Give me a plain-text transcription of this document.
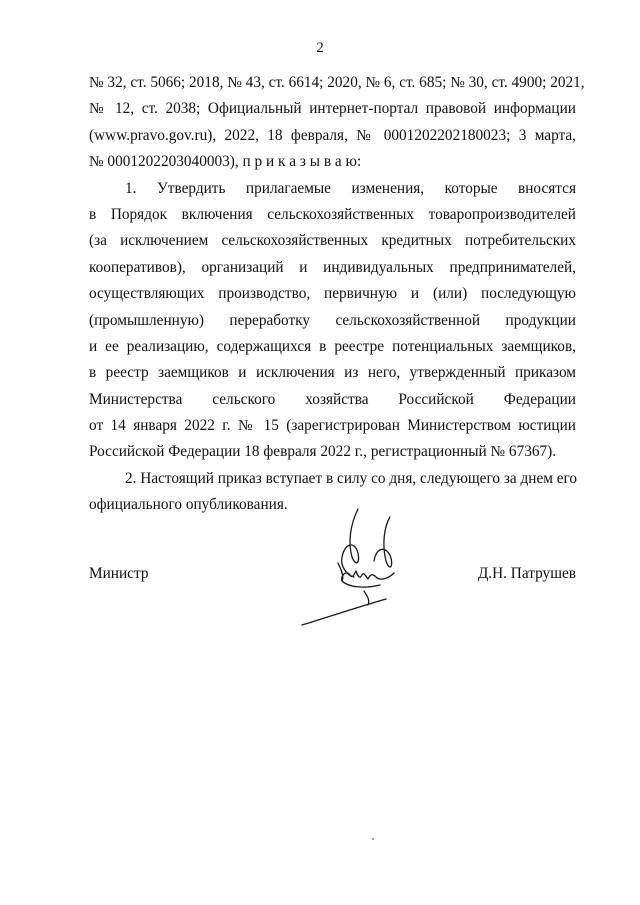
2
№ 32, ст. 5066; 2018, № 43, ст. 6614; 2020, № 6, ст. 685; № 30, ст. 4900; 2021,
№ 12, ст. 2038; Официальный интернет-портал правовой информации
(www.pravo.gov.ru), 2022, 18 февраля, № 0001202202180023; 3 марта,
№ 0001202203040003), п р и к а з ы в а ю:
1. Утвердить прилагаемые изменения, которые вносятся
в Порядок включения сельскохозяйственных товаропроизводителей
(за исключением сельскохозяйственных кредитных потребительских
кооперативов), организаций и индивидуальных предпринимателей,
осуществляющих производство, первичную и (или) последующую
(промышленную) переработку сельскохозяйственной продукции
и ее реализацию, содержащихся в реестре потенциальных заемщиков,
в реестр заемщиков и исключения из него, утвержденный приказом
Министерства сельского хозяйства Российской Федерации
от 14 января 2022 г. № 15 (зарегистрирован Министерством юстиции
Российской Федерации 18 февраля 2022 г., регистрационный № 67367).
2. Настоящий приказ вступает в силу со дня, следующего за днем его
официального опубликования.
Министр	Д.Н. Патрушев
